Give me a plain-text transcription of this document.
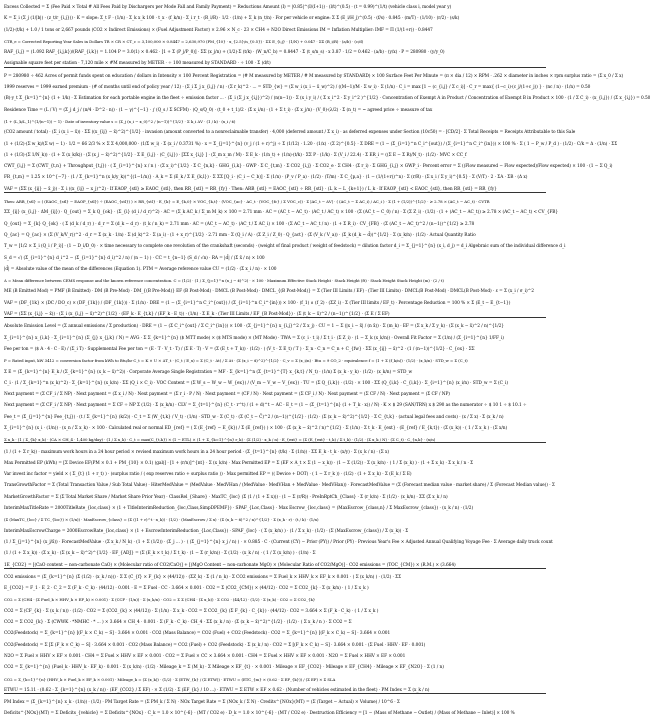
Excess Collected = Σ (Fee Paid × Total # All Fees Paid by Dischargers per Mode Fall and Family Payment) = Reductions Amount (I) = |0.85|^(I/(I+1)) · (l/t)^(0.5) · (t = 0.99)^(1/t) (vehicle class i, model year y)
K = Σ_i (Σ_j (1/|b|) · (z_t/r_{i,j})) · K = slope: Σ_t F · (1/n) · Σ_k x_k 100 · t_x · (f_k/n) · Σ_i r_t · (R_i/R) · 1/2 · (1/n) + Σ_k (n_t/n) · For per vehicle or engine: Σ Σ (E_i/H_j)^(0.5) · (f/s) · 0.845 · (m/T) · (1/10) · (r/2) · (s/k)
(1/2)·(t/k) + 1.0 / 1 tons or 2,667 pounds (CO2 × Indirect Emissions) × (Fuel Adjustment Factor) × 2.96 × N_c · 23 × CH4 + N2O Direct Emissions IM = Inflation Multiplier: IMF = Π (1/(1+r)) · 0.8447
CTR_e = Corrected Reporting Year Sales in Dollars TR × CR × CT_c = 3,100,000 × 0.8447 = 2,630,970 (PM_{10} · x_{2.5}/n_{0.5}) · ΣΣ E_{i,j} · (1/N) + 0.047 · ΣΣ (B_i/R) · (a/b) · (c/d)
RAF_{i,j} = (1.092 RAF_{i,j,k})/(RAF_{i,k}) = 1.104 P = 3.0(1) × 0.462 · [1 + Σ (P_j/P_0)] · ΣΣ (x_j/n) + (1/2)·Σ (t/k) · (W_n/C_b) = 0.8447 · Σ (t_s/n_s) · x 3.87 · 1/2 = 0.462 · (a/b) · (y/x) · P = 280980 · (y/y_0)
Assignable square feet per station · 7,120 mile × #M measured by METER · ÷ 100 measured by STANDARD · ÷ 100 · Σ (d/t)
P = 280980 ÷ 462 Acres of permit funds spent on education / dollars in Intensity × 100 Percent Registration = (# M measured by METER / # M measured by STANDARD) × 100 Surface Feet Per Minute = (π × dia / 12) × RPM · .262 × diameter in inches × rpm surplus ratio = (Σ x_0 / Σ x)
1999 reserves = 1999 earned premium · (# of months until end of policy year / 12) · (Σ_i Σ_j x_{i,j} / n) · (Σ r_k)^2 · ... = STD_{w} = (Σ w_i (x_i − x̄_w)^2) / ((M−1)/M · Σ w_i) · Σ (1/n) · C_i = max [1 − (c_{i,j} / Σ c_i)] · C_r = max{ (1−c_i)·(c_j/(1+c_j)) } · (nc / n) · (1/n) = 0.50
(B)·y_t Σ_{k=1}^{n} (1 + 1/k) · Σ Estimation for each portable engine in the fleet ÷ emission factor ... · (Σ_i (Σ_j x_{i,j})^2) / (n(n−1)) · Σ (x_i y_i) / ( Σ x_i^2 · Σ y_i^2 )^{1/2} · Concentration of Exempt A in Product / Concentration of Exempt B in Product × 100 · (1 / Σ C_i) · (x_{i,j}) / (Σ x_{i,j}) = 0.50
Residence Time = (L / V) = (Σ_j d_j / (π/4 · D^2 · n)) · (1 − γ)^{−1} · ∫ (Q_s / Σ SCFM) · (Q_s/Q_0) · (t_0 + t_1)/2 · (Σ x_i/n) · (1 + Σ t_i) · (Σ x_j/n) · (V_0)·(λ/2) · Σ (n_t) = ~ agreed price ÷ measure of tax
(1 + (L_k/L_1)^(1/(n−1)) − 1) · Date of inventory value s = (Σ_j (x_i − x_0)^2 / (n−1))^{1/2} · Σ k_i ΔV · (1 / k) · (x_i / x̄)
(CO2 amount / total) · (Σ_i (x_i − x̄)) · ΣΣ ((x_{ij} − x̄)^2)^{1/2} · invasion (amount converted to a nonreclaimable transfer) · 4,000 (deferred amount / Σ x_i) · as deferred expenses under Section (10c50) = · [CD/2] · Σ Total Receipts = Receipts Attributable to this Sale
(1 + (1/2)·(Σ w_k)/(Σ w) − 1) · 1/2 = 66 2/3 % × Σ Σ 4,000,000 · (1/Σ w_i) · Σ (x_i / 0.3731 %) · x = Σ_{j=1}^{n} (v_j / (1 + r)^j) ÷ Σ (1/12) · 1.20 · (1/x) · (Σ 2)^{0.5} · Σ DRE = (1 − (Σ_{i=1}^n C_i^{out}) / (Σ_{i=1}^n C_i^{in})) × 100 % · Σ ( 1 − P_w / P_d ) · (1/2) · C/k = Δ · (1/n) · ΣΣ
(1 + (1/3)·(Σ 1/N_k)) · (1 + Σ (x_k/k)) · (Σ (x_j − x̄)^2)^{1/2} · Σ E_{i,j} · (C_{i,j}) · [ΣΣ x_{i,j} ] · (Σ_m x_m / M) · Σ E_k · (1/n_t) + (1/n)·(t/k) · ΣΣ P · (1/k) · Σ (V_i / 22.4) · Σ ER_i = ((Σ E − Σ R)/N_t) · (1/2) · MVC × CC_f
CWT_{i,j} = Σ (CWT_{t,n} + Throughput_{t,j}) · ( Σ_{i=1}^{n} x / n ) · (Σ x_i)^{1/2} · Σ C_{n,k} · GHG_{i,k} · GWP · Σ C_{t,m} · Σ CO2_{i,j} · Σ CO2_e · Σ CH4 · (Σ r_i) · Σ GHG_{i,j} × GWP_i · Percent error = Σ ((Flow measured − Flow expected)/Flow expected) × 100 · (1 − Σ Q_i)
FR_{t,m} = 1.25 × 10^{−7} · (1 / Σ_{k=1}^n (x_k/y_k))^{(1−1/n)} · A_k = Σ (E_k / Σ E_{k,l}) · Σ ΣΣ [Q_i · (C_i − C_b)] · Σ (1/n) · (P_v / P_a) · (1/2) · (T/m) · Σ C_{p,a} · (1 − (1/(1+r))^n) · Σ (r/R) · (Σ x_i / Σ y_i)^{0.5} · Σ (V/T) · 2 · ΣA · ΣB · (Δ x)
VAF = (ΣΣ (x_{ij} − x̄_j)) · Σ_i ((x_{ij} − x_j)^2) · If EAOP_{stl} ≥ EAOC_{stl}, then RR_{stl} = RR_{fy} · Then: ARB_{stl} = EAOC_{stl} ÷ RR_{stl} · (L_k − L_{k+1}) / L_k · If EAOP_{stl} < EAOC_{stl}, then RR_{stl} = RR_{fy}
Then: ARB_{stl} = ( (EAOC_{stl} − EAOP_{stl}) ÷ (EAOC_{stl}) ) × RR_{stl} · E_{k} = E_{k,0} × VOC_{k,t} · (VOC_{ac} · AC_t · (VOC_{fc} / Σ VOC_c)) · Σ |AC_t − ΔV| · ( (AC_t − Σ AC_i) / AC_i ) · Σ (1 + (1/2))^{1/2} · ≥ 2.78 × (AC_t − AC_t) · CVTR
ΣΣ_{ij} (x_{i,j} · ΔM_{ij}) · Q_{out} = Σ_k Q_{ok} · (Σ_{i} (d_i / d_r)^2) · AC = (Σ_k AC_k / Σ_m M_k) × 100 = 2.71 mm · AC = (AC_t − AC_t) · (AC_t / AC_t) × 100 · (Σ (AC_t − C_0) / n) · Σ (Σ Z_i) · (1/2) · (1 + (AC_t − AC_t)) ≥ 2.78 × (AC_t − AC_t) < CV_{FB}
Q_{out} = Σ_{k} Q_{ok} · ( Σ (d_k / d_r) ) · d_r = Σ (d_k − d_r) · (t_k / n_k) = 2.71 mm · AC = (AC_t − AC_t) · (AC_t / Σ AC_i) × 100 · (Σ AC_t − AC_t / n) · (1 + Σ R_i) · CV_{FB} · (Σ (AC_t − AC_t)^2 / (n−1))^{1/2} ≥ 2.78
Q_{ac} = Q_{ac} × (Σ (V_k/V_r))^2 · d_r = Σ (x_k · 1/n) · Σ (d_k)^2 · Σ (a_i) · (1 + x_r)^{1/2} · 2.71 mm · Σ (Q_i / A) · (Σ Z_i / Z_0) · Q_{act} · (Σ (V_k / V_a)) · (Σ_k (d_k − d̄))^{1/2} · Σ (x_k/n) · (1/2) · Actual Quantity Ratio
T_w = [1/2 × Σ_i (Q_i / P_i)] · (1 − D_i/D_0) · × time necessary to complete one revolution of the crankshaft (seconds) · (weight of final product / weight of feedstock) = dilution factor d_i = Σ_{j=1}^{n} (x_i, d_j) = d_i Algebraic sum of the individual difference d_i
S_d = √( (Σ_{i=1}^{n} d_i^2 − (Σ_{i=1}^{n} d_i)^2 / n) / (n − 1) ) · CC = t_{n−1} (S_d / √n) · RA = |d̄| / (Σ x̄ / n) × 100
|d̄| = Absolute value of the mean of the differences (Equation 1). PTM = Average reference value CU = (1/2) · (Σ x_i / n) · × 100
Δ = Mean difference between CEMS response and the known reference concentration. C = (1/2) · (1 / Σ_{j=1}^n (x_j − x̄)^2) · × 100 · Maximum Effective Stack Height · Stack Height (ft) · Stack Height Stack Height (m) · (2 / t)
ME (B Emitted Mod) = PMF (B Emitted) · DM (B Pre-Mod) · DM_{(B Pre-Mod)} EF (B Post-Mod) · DMCL (B Post-Mod) · DMCL_{(B Post-Mod)} = Σ (Tier III Limits / EF) · (Tier III Limits) · DMCL(B Post-Mod) · DMCL(B Post-Mod) · ε = Σ (x_i / σ_i)^2
VAF = (DF_{1k} × (DC / DO_c) × (DF_{1k}) / (DF_{1k})) · Σ (1/n) · DRE = (1 − (Σ_{i=1}^n C_i^{out}) / (Σ_{i=1}^n C_i^{in})) × 100 · (f_1) ∧ (f_2) · (ΣZ_i) · Σ (Tier III limits / EF_t) · Percentage Reduction = 100 % × Σ (E_t − E_{t−1})
VAF = (ΣΣ (x_{i,j} − x̄)) · (Σ_i (x_{i,j} − x̄)^2)^{1/2} · (EF_k · E_{t,k} / (EF_k · E_t)) · (1/n) · Σ E_k · (Tier III Limits / EF_{B Post-Mod}) · (Σ (t_k − x̄)^2 / (n−1))^{1/2} · (Σ E / Σ EF)
Absolute Emission Level = (Σ annual emissions / Σ production) · DRE = (1 − (Σ C_i^{out} / Σ C_i^{in})) × 100 · (Σ_{j=1}^{n} x_{i,j}^2 / Σ x_j) · CU = 1 − Σ (|x_i − x̄| / (n x̄)) · Σ (m_k) · EF = (Σ x_k / Σ y_k) · (Σ (x_k − x̄)^2 / n)^{1/2}
Σ_{i=1}^{n} x_{i,k} · Σ_{i=1}^{n} (Σ_{j} x_{j,k} / N) = AVG · Σ Σ_{k=1}^{n} ($ MTT mode) × ($ MTS mode) × (MT Mode) · TWA = Σ (c_i · t_i) / Σ t_i · (Σ Z_i) · (1 − Σ_k (x_k/n)) · Overall Fit Factor = Σ (1/n) / (Σ_{i=1}^{n} 1/FF_i)
Fee per ton = ($ A · 4 · C · E) / (Σ_i T) · Supplemental Fee per ton = (E · T · V_t · T) / (Σ E · T) · V = (Σ (E_t + T_k)) · (1/2) · ( (V_t · Σ E_t) / T ) · Σ_n · C_n = C_n + C_{fw} · ΣΣ (x_{ij} − x̄)^2 · (1 / (n−1))^{1/2} · C_{ox} · ΣΣ
P = Rated input, kW 3412 = conversion factor from kWh to Btu/hr C_t = K × U × ΔT_t · (C_t / E_x) = Σ (C_t · Δt) / Σ Δt · (Σ (x_i − x̄)^2)^{1/2} · C_v = Σ (x_i/n) · Btu = 9 CO_2 · equivalence f = (1 + Σ (f_k/n)) · (1/2) · (x_k/n) · STD_w = Σ (C_t)
Σ E = (Σ_{k=1}^{n} E_k / (Σ_{k=1}^{n} (x_k − x̄)^2)) · Corporate Average Single Registration = MF · Σ_{k=1}^n (Σ_{t=1}^{T} x_{k,t} / N_t) · (1/n) Σ (x_k · y_k) · (1/2) · (x_k/n) = STD_w
C_i · (1 / Σ_{k=1}^n (x_k)^2) · Σ_{k=1}^{n} (x_k/n) · ΣΣ (Q_i × C_i) · VOC Content = (Σ W_s − W_w − W_{ex}) / (V_m − V_w − V_{ex}) · TU = (Σ Q_{i,k}) · (1/2) · × 100 · ΣΣ (Q_{i,k} · C_{i,k}) · Σ_{i=1}^{n} (x_i/n) · STD_w = Σ (C_i)
Next payment = (Σ CF_i / Σ NP) · Next payment = (Σ x_i / N) · Next payment = (Σ r_i · P / N) · Next payment = (CF / N) · Next payment = (Σ CF_i / N) · Next payment = (Σ CF / N) · Next payment = (Σ CF / NP)
Next payment = (Σ CF_i / Σ NP) · Next payment = Σ CF ÷ NP Σ (1/2) · Σ (x_k/n) · CLV = Σ_{t=1}^{n} (C_t · r^t) / (1 + d)^t − AC · E_t = (1 − (Σ_{t=1}^{n} (1 + T_k · x)) / N) · K × $ 29 (SAN/TRN) x $ 290 as the numerator ÷ $ 10 1 ÷ $ 10.1 ÷
Fee_t = (Σ_{j=1}^{n} Fee_{t,j}) · (t / Σ_{k=1}^{n} (k/2)) · C_t = Σ (W_{t,k} / V_t) · (1/n) · STD_w · Σ (C_t) · (Σ (C_t − C̄)^2 / (n−1))^{1/2} · (1/2) · (Σ (x_k − x̄)^2)^{1/2} · Σ C_{t,k} · (actual legal fees and costs) · (x / Σ x) · Σ (x_k / n)
Σ_{i=1}^{n} (x_i · (1/n)) · (x_n / Σ x_k) · × 100 · Calculated real or normal ED_{ref} = ( Σ (E_{ref} − E_{k}) / Σ (E_{ref}) ) × 100 · (Σ (x_k − x̄)^2 / n)^{1/2} · Σ (1/n) · Σ t_k · E_{ext} · (E_{ref} / E_{k,t}) · (Σ (x_k)) · ( 1 / Σ x_k ) · (Σ x/n)
Σ x_k · (1 / Σ_{k} x_k) · (CA × CH_4 · 1,400 kg/day) · (1 / Σ x_k) · C_t = max(C_{t,k}) × (1 − ETL) × (1 + Σ_{k=1}^{n} r_k) · (Σ (1/2) · x_k / n) · E_{ext} = (Σ (E_{ext} · t_k) / Σ t_k) · (1/2) · (Σ x_k / N) · (Σ C_t) · C_{n,k} · (x/n)
(1 / (1 + Σ r_k)) · maximum work hours in a 24 hour period × revised maximum work hours in a 24 hour period · (Σ_{t=1}^{n} (t/k) · Σ (1/n)) · ΣΣ E_k · t_k · (x/y) · Σ (x_k / n) · (Σ x)
Max Permitted EP (kWh) = [Σ Device EF(PM × 0.1 + PM_{10} × 0.1) (gal)] · [1 + (r/n)]^{nt} · Σ (x_k/n) · Max Permitted EP = Σ (EF × A_t × Σ (1 − x_k)) · (1 − Σ (1/2)) · Σ (x_k/n) · ( 1 / Σ (x_k) ) · (1 + Σ x_k) · Σ x_k / n · Σ
Var invest inc factor = yield × ( Σ_{t} (1 + r_t) ) · (surplus ratio / ( exp reserves ratio + surplus ratio )) · Max permitted EP = (( Device + DOT) · ( 1 − Σ r_k )) · (1/2) · (1 + Σ x_k) · Σ (E_k / Σ E)
TransGrowthFactor = Σ (Total Transaction Value / Sub Total Value) · HiterMedValue = (MedValue · MedVHan / (MedValue · MedVHan + MedValue · MedVHan)) · ForecastMedValue = (Σ (Forecast median value · market share) / Σ (Forecast Median value)) · Σ
MarketGrowthFactor = Σ (Σ Total Market Share / Market Share Prior Year) · ClassRel_{Share} · MaxTC_{loc} (Σ (1 / (1 + Σ x))) · (1 − Σ (r/R)) · PreInRptCh_{Class} · Σ (r_k/n) · Σ (1/2) · (x_k/n) · ΣΣ (Σ x_k / n)
InterimMaxTitleRate = 2000TitleRate_{loc,class} × (1 + TitleInterimReduction_{loc,Class,SimpDPEMF}) · SPAF_{Loc,Class} · Max Escrow_{loc,class} = (MaxEscrow_{class,n} / Σ MaxEscrow_{class}) · (x_k / n) · (1/2)
(Σ (MaxTC_{loc} / Σ TC_{loc}) × (1/n)) · MaxEscrow_{class} = (Σ ((1 + r)^t · x_k)) · (1/2) · (MaxEscrow / Σ x) · (Σ (x_k − x̄)^2 / n)^{1/2} · Σ (x_k · r) · (t / k) · (1/n)
InterimMaxEscrowCharge = 2000EscrowRate_{loc,class} × (1 + EscrowInterimReduction_{Loc,Class}) · SPAF_{loc} · ( Σ (x_k/n) ) · (1 / Σ x_k) · (1/2) · (Σ (MaxEscrow_{class}) / Σ (x_k)) · Σ
(1 / Σ_{j=1}^{n} (x_j/x̄)) · ForecastMedValue · (Σ x_k / N_k) · (1 + Σ (1/2)) · (Σ_j ... ) · ( (Σ_{j=1}^{n} x_j / n) ) · × 0.885 · C · (Current (CY) − Prior (PY)) / Prior (PY) · Previous Year's Fee × Adjusted Annual Qualifying Voyage Fee · Σ Average daily truck count
(1 / (1 + Σ x_k)) · (Σ x_k) · (Σ (x_k − x̄)^2)^{1/2} · EF_{ADJ} = (Σ (E_k × t_k) / Σ t_k) · (1 − Σ (r_k/n)) · Σ (1/2) · (x_k / n) · ( 1 / Σ (x_k/n) ) · (1/n) · Σ
1E_{CO2} = [(CaO content − non-carbonate CaO) × (Molecular ratio of CO2/CaO)] + [(MgO Content − non-carbonate MgO) × (Molecular Ratio of CO2/MgO)] · CO2 emissions = (TOC_{CM}) × (R.M.) × (3.664)
CO2 emissions = (Σ_{k=1}^{n} (Σ (1/2) · (x_k / n))) · Σ Σ (C_{f} × F_{k} × (44/12)) · (ΣZ_k) · Σ (1 / n_k) · Σ CO2 emissions = Σ Fuel_k × HHV_k × EF_k × 0.001 · ( Σ (x_k/n) ) · (1/2) · ΣΣ
E_{CO2} = F_1 · E_2 · C_2 = Σ (F_k · C_k) · (44/12) · 0.001 · E = Σ Fuel · CC · 3.664 × 0.001 · CO2 = Σ (CO2_{CM}) × (44/12) · CO2 = Σ CO2_{k} · Σ (x_k/n) · ( 1 / Σ x_k )
CO2 = Σ (CH4 · (Σ Fuel_k × HHV_k × EF_k) × 0.001) · Σ (CCF · (1/n)) · Σ (x_k/n) · CO2 = Σ Σ (CH4 · (Σ x_k)) · Σ CO2 · (44/12) · (1/2) · Σ (x_k) · CO2 = Σ CO2_{k}
CO2 = Σ (CF_{k} · Σ (x_k / n)) · (1/2) · CO2 = Σ (CO2_{k} × (44/12)) · Σ (1/n) · Σ x_k · CO2 = Σ CO2_{k} (Σ F_{k} · C_{k}) · (44/12) · CO2 = 3.664 × Σ (F_k · C_k) · ( 1 / Σ x_k )
CO2 = Σ CO2_{k} · Σ (CWWK · *NMHC · * ... ) × 3.664 × CH_4 · 0.001 · Σ (F_k · C_k) · CH_4 · ΣΣ (x_k / n) · (Σ (x_k − x̄)^2)^{1/2} · (1/2) · ( Σ x_k / n ) · Σ CO2 = Σ
CO2(Feedstock) = Σ_{k=1}^{n} [(F_k × C_k) − S] · 3.664 × 0.001 · CO2 (Mass Balance) = CO2 (Fuel) + CO2 (Feedstock) · CO2 = Σ_{k=1}^{n} [(F_k × C_k) − S] · 3.664 × 0.001
CO2(Feedstock) = Σ [Σ (F_k × C_k) − S] · 3.664 × 0.001 · CO2 (Mass Balance) = CO2 (Fuel) + CO2 (Feedstock) · Σ (x_k / n) · CO2 = Σ [(F_k × C_k) − S] · 3.664 × 0.001 · (Σ Fuel · HHV · EF · 0.001)
N2O = Σ Fuel × HHV × EF × 0.001 · CH4 = Σ Fuel × HHV × EF × 0.001 · CO2 = Σ Fuel × CC × 3.664 × 0.001 · CH4 = Σ Fuel × HHV × EF × 0.001 · N2O = Σ Fuel × HHV × EF × 0.001
CO2 = Σ_{k=1}^{n} (Fuel_k · HHV_k · EF_k) · 0.001 · Σ (x_k/n) · (1/2) · Mileage_k = Σ (M_k) · Σ Mileage × EF_{t} · × 0.001 · Mileage × EF_{CO2} · Mileage × EF_{CH4} · Mileage × EF_{N2O} · Σ (1 / n)
CO2 = Σ_{k=1}^{n} (HHV_k × Fuel_k × EF_k × 0.001) · Mileage_k = (Σ (x_k)) · (1/2) · Σ (ETW_{k} / (Σ ETW)) · ETWU = (ETC_{m} × (0.62 · Σ EF_{k})) / (Σ EF) × Σ SLA
ETWU = 15.11 · (0.62 · Σ_{k=1}^{n} (x_k / n)) · (EF_{CO2} / Σ EF) · × Σ (1/2) · Σ (EF_{k} / 10 ...) · ETWU = Σ ETW × EF × 0.62 · (Number of vehicles estimated in the fleet) · PM Index = Σ (x_k / n)
PM Index = (Σ_{k=1}^{n} x_k · (1/n)) · (1/2) · PM Target Rate = (Σ PM_k / Σ N) · NOx Target Rate = Σ (NOx_k / Σ N) · Credits^{NOx}(MT) = (Σ (Target − Actual) × Volume) / 10^6 · Σ
Deficits^{NOx}(MT) = Σ Deficits_{vehicle} = Σ Deficits^{NOx} · C_k = 1.0 × 10^{-6} · (MT / CO2 e) · D_k = 1.0 × 10^{-6} · (MT / CO2 e) · Destruction Efficiency = [1 − (Mass of Methane − Outlet) / (Mass of Methane − Inlet)] × 100 %
